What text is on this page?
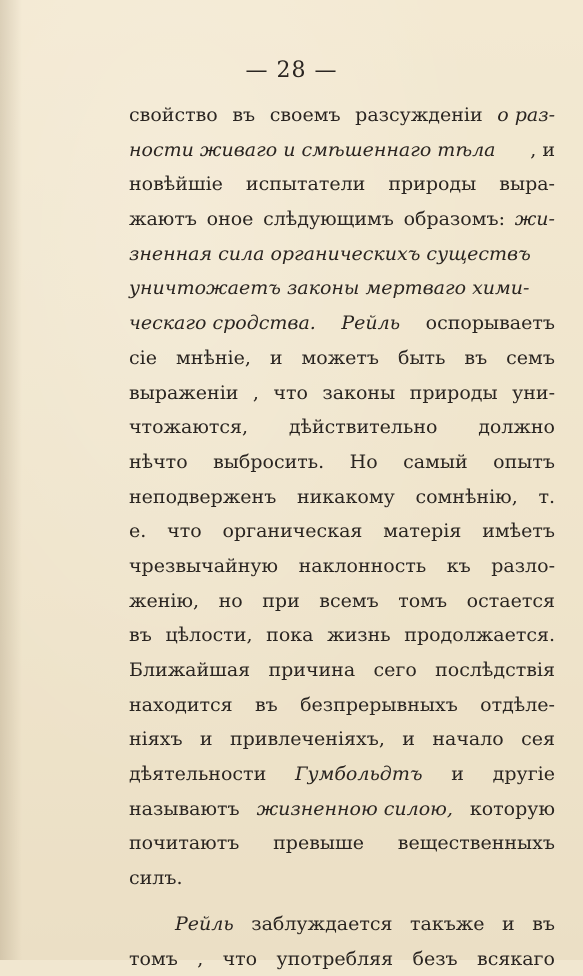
— 28 —
свойство въ своемъ разсужденіи о раз-
ности живаго и смѣшеннаго тѣла , и
новѣйшіе испытатели природы выра-
жаютъ оное слѣдующимъ образомъ: жи-
зненная сила органическихъ существъ
уничтожаетъ законы мертваго хими-
ческаго сродства. Рейль оспорываетъ
сіе мнѣніе, и можетъ быть въ семъ
выраженіи , что законы природы уни-
чтожаются, дѣйствительно должно
нѣчто выбросить. Но самый опытъ
неподверженъ никакому сомнѣнію, т.
е. что органическая матерія имѣетъ
чрезвычайную наклонность къ разло-
женію, но при всемъ томъ остается
въ цѣлости, пока жизнь продолжается.
Ближайшая причина сего послѣдствія
находится въ безпрерывныхъ отдѣле-
ніяхъ и привлеченіяхъ, и начало сея
дѣятельности Гумбольдтъ и другіе
называютъ жизненною силою, которую
почитаютъ превыше вещественныхъ
силъ.
Рейль заблуждается такъже и въ
томъ , что употребляя безъ всякаго
